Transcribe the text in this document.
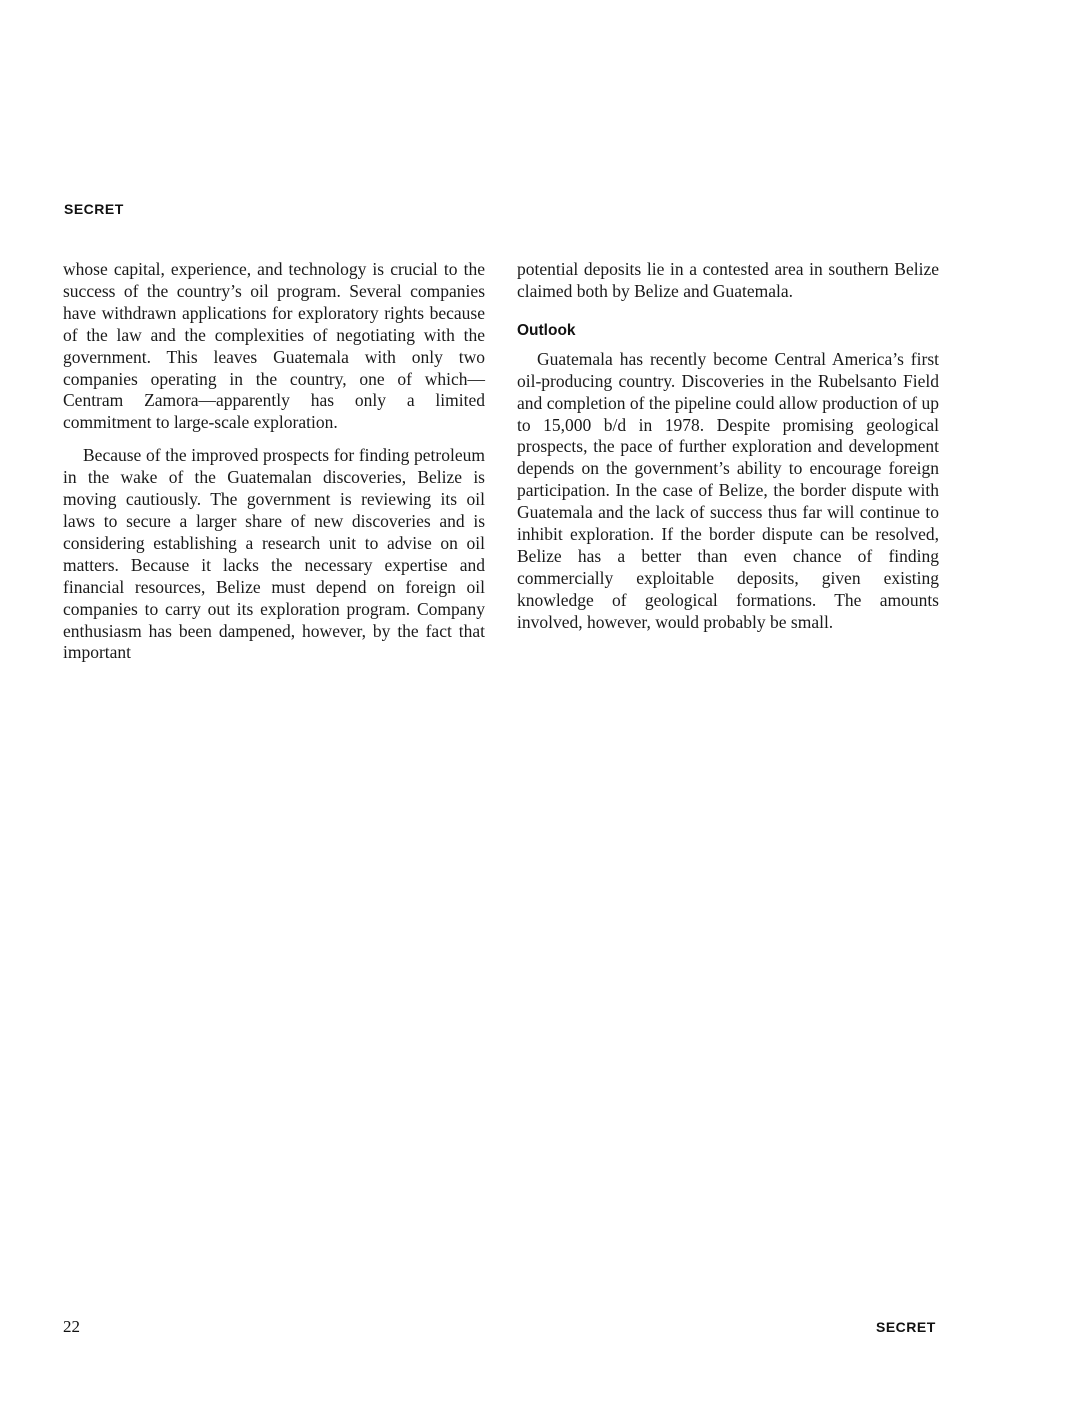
SECRET

whose capital, experience, and technology is crucial to the success of the country’s oil program. Several companies have withdrawn applications for exploratory rights because of the law and the complexities of negotiating with the government. This leaves Guatemala with only two companies operating in the country, one of which—Centram Zamora—apparently has only a limited commitment to large-scale exploration.

Because of the improved prospects for finding petroleum in the wake of the Guatemalan discoveries, Belize is moving cautiously. The government is reviewing its oil laws to secure a larger share of new discoveries and is considering establishing a research unit to advise on oil matters. Because it lacks the necessary expertise and financial resources, Belize must depend on foreign oil companies to carry out its exploration program. Company enthusiasm has been dampened, however, by the fact that important

potential deposits lie in a contested area in southern Belize claimed both by Belize and Guatemala.

Outlook

Guatemala has recently become Central America’s first oil-producing country. Discoveries in the Rubelsanto Field and completion of the pipeline could allow production of up to 15,000 b/d in 1978. Despite promising geological prospects, the pace of further exploration and development depends on the government’s ability to encourage foreign participation. In the case of Belize, the border dispute with Guatemala and the lack of success thus far will continue to inhibit exploration. If the border dispute can be resolved, Belize has a better than even chance of finding commercially exploitable deposits, given existing knowledge of geological formations. The amounts involved, however, would probably be small.

22	SECRET
